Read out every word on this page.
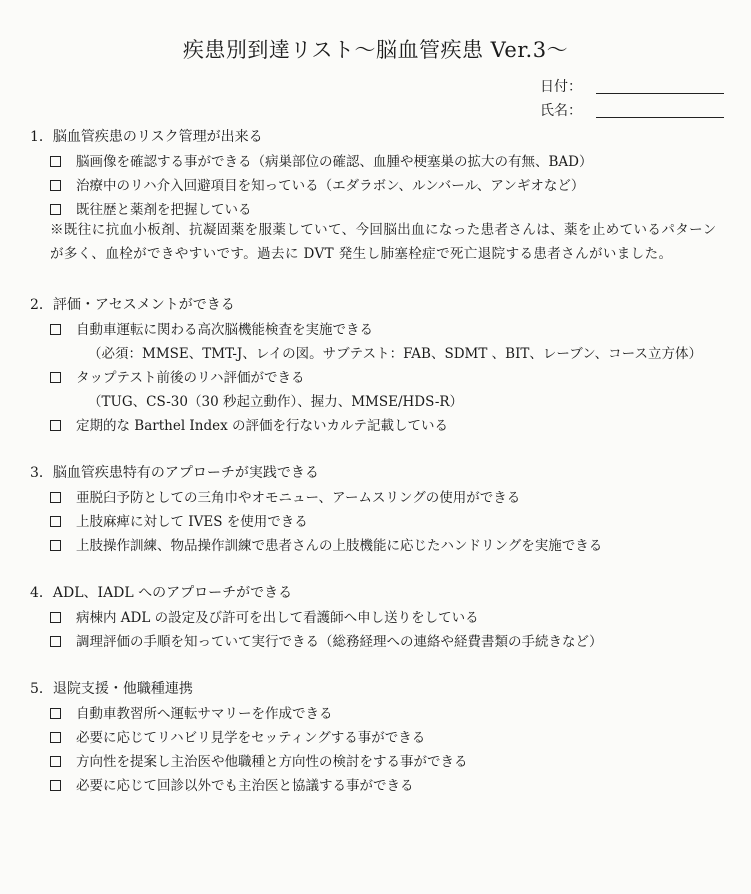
疾患別到達リスト〜脳血管疾患 Ver.3〜
日付：
氏名：
1．脳血管疾患のリスク管理が出来る
脳画像を確認する事ができる（病巣部位の確認、血腫や梗塞巣の拡大の有無、BAD）
治療中のリハ介入回避項目を知っている（エダラボン、ルンバール、アンギオなど）
既往歴と薬剤を把握している
※既往に抗血小板剤、抗凝固薬を服薬していて、今回脳出血になった患者さんは、薬を止めているパターンが多く、血栓ができやすいです。過去に DVT 発生し肺塞栓症で死亡退院する患者さんがいました。
2．評価・アセスメントができる
自動車運転に関わる高次脳機能検査を実施できる
（必須：MMSE、TMT-J、レイの図。サブテスト：FAB、SDMT 、BIT、レーブン、コース立方体）
タップテスト前後のリハ評価ができる
（TUG、CS-30（30 秒起立動作）、握力、MMSE/HDS-R）
定期的な Barthel Index の評価を行ないカルテ記載している
3．脳血管疾患特有のアプローチが実践できる
亜脱臼予防としての三角巾やオモニュー、アームスリングの使用ができる
上肢麻痺に対して IVES を使用できる
上肢操作訓練、物品操作訓練で患者さんの上肢機能に応じたハンドリングを実施できる
4．ADL、IADL へのアプローチができる
病棟内 ADL の設定及び許可を出して看護師へ申し送りをしている
調理評価の手順を知っていて実行できる（総務経理への連絡や経費書類の手続きなど）
5．退院支援・他職種連携
自動車教習所へ運転サマリーを作成できる
必要に応じてリハビリ見学をセッティングする事ができる
方向性を提案し主治医や他職種と方向性の検討をする事ができる
必要に応じて回診以外でも主治医と協議する事ができる
